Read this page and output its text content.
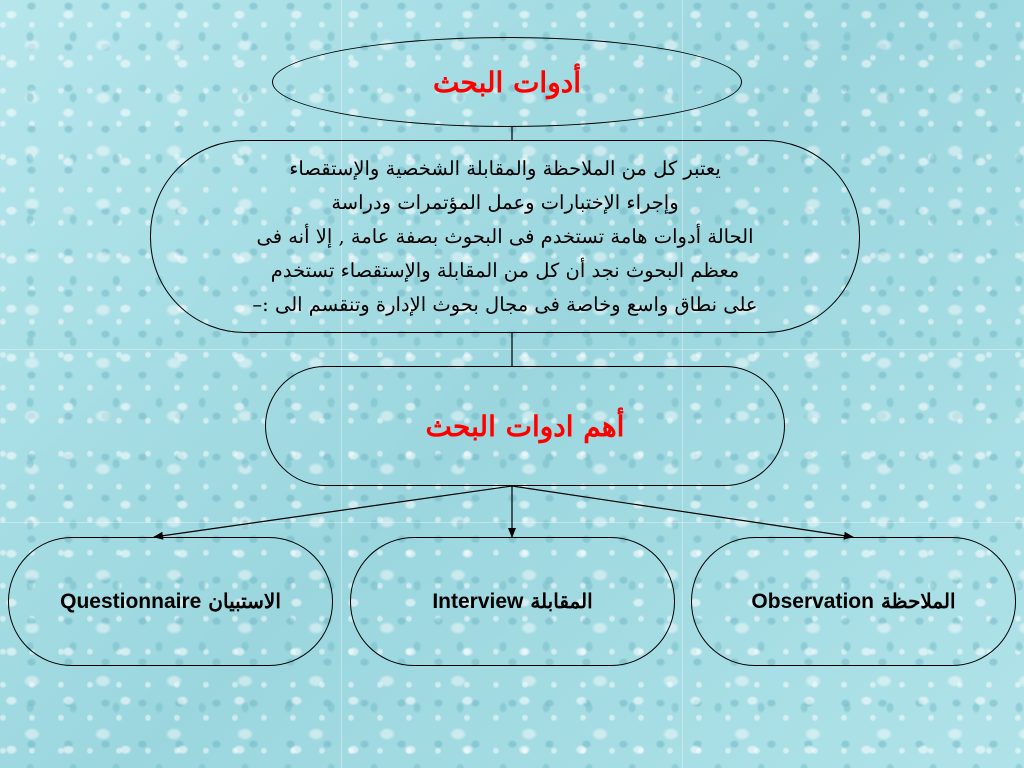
أدوات البحث
يعتبر كل من الملاحظة والمقابلة الشخصية والإستقصاء
وإجراء الإختبارات وعمل المؤتمرات ودراسة
الحالة أدوات هامة تستخدم فى البحوث بصفة عامة , إلا أنه فى
معظم البحوث نجد أن كل من المقابلة والإستقصاء تستخدم
على نطاق واسع وخاصة فى مجال بحوث الإدارة وتنقسم الى :–
أهم ادوات البحث
الاستبيان Questionnaire	المقابلة Interview	الملاحظة Observation
